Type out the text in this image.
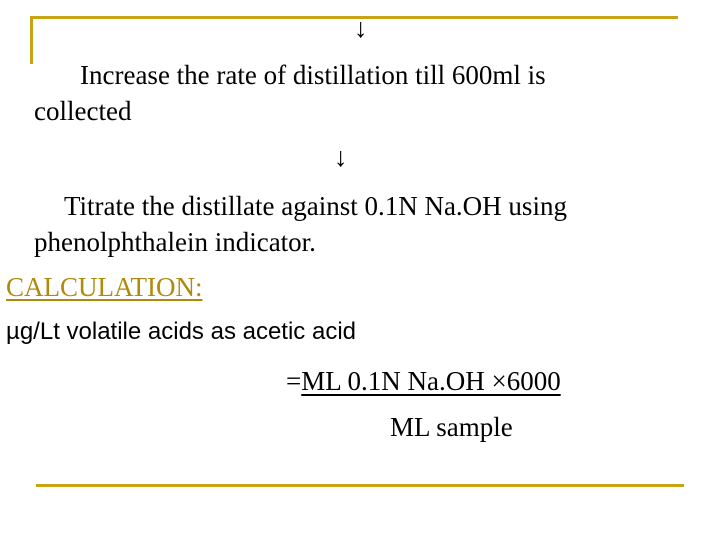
↓
Increase the rate of distillation till 600ml is
collected
↓
Titrate the distillate against 0.1N Na.OH using
phenolphthalein indicator.
CALCULATION:
µg/Lt volatile acids as acetic acid
=ML 0.1N Na.OH ×6000
ML sample
